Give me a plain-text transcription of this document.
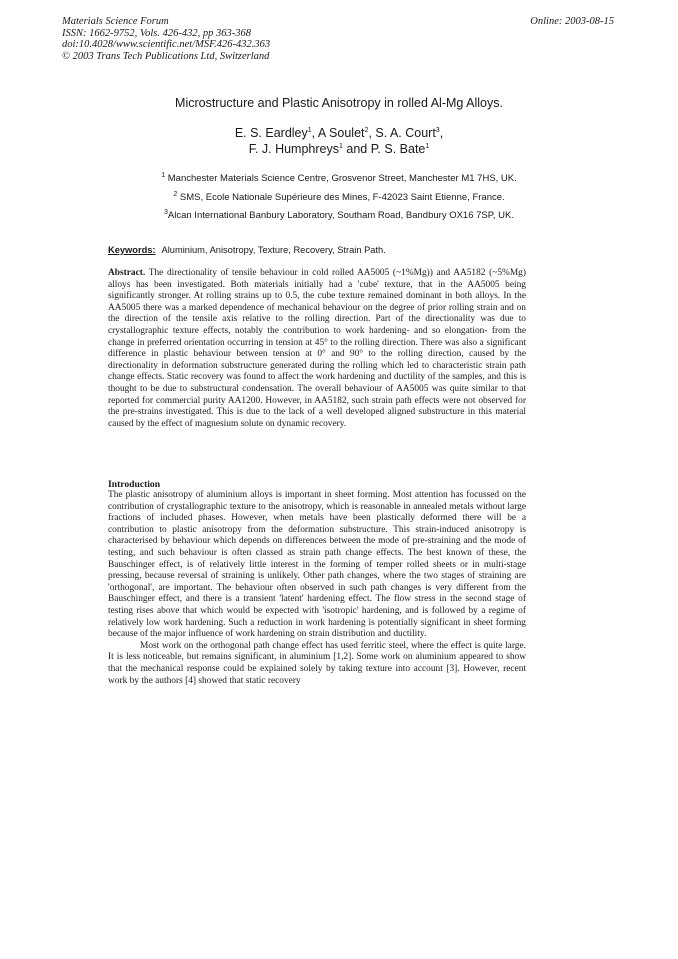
Materials Science Forum
ISSN: 1662-9752, Vols. 426-432, pp 363-368
doi:10.4028/www.scientific.net/MSF.426-432.363
© 2003 Trans Tech Publications Ltd, Switzerland
Online: 2003-08-15
Microstructure and Plastic Anisotropy in rolled Al-Mg Alloys.
E. S. Eardley$^1$, A Soulet$^2$, S. A. Court$^3$,
F. J. Humphreys$^1$ and P. S. Bate$^1$
$^1$ Manchester Materials Science Centre, Grosvenor Street, Manchester M1 7HS, UK.
$^2$ SMS, Ecole Nationale Supérieure des Mines, F-42023 Saint Etienne, France.
$^3$Alcan International Banbury Laboratory, Southam Road, Bandbury OX16 7SP, UK.
Keywords: Aluminium, Anisotropy, Texture, Recovery, Strain Path.
Abstract. The directionality of tensile behaviour in cold rolled AA5005 (~1%Mg)) and AA5182 (~5%Mg) alloys has been investigated. Both materials initially had a 'cube' texture, that in the AA5005 being significantly stronger. At rolling strains up to 0.5, the cube texture remained dominant in both alloys. In the AA5005 there was a marked dependence of mechanical behaviour on the degree of prior rolling strain and on the direction of the tensile axis relative to the rolling direction. Part of the directionality was due to crystallographic texture effects, notably the contribution to work hardening- and so elongation- from the change in preferred orientation occurring in tension at 45° to the rolling direction. There was also a significant difference in plastic behaviour between tension at 0° and 90° to the rolling direction, caused by the directionality in deformation substructure generated during the rolling which led to characteristic strain path change effects. Static recovery was found to affect the work hardening and ductility of the samples, and this is thought to be due to substructural condensation. The overall behaviour of AA5005 was quite similar to that reported for commercial purity AA1200. However, in AA5182, such strain path effects were not observed for the pre-strains investigated. This is due to the lack of a well developed aligned substructure in this material caused by the effect of magnesium solute on dynamic recovery.
Introduction

The plastic anisotropy of aluminium alloys is important in sheet forming. Most attention has focussed on the contribution of crystallographic texture to the anisotropy, which is reasonable in annealed metals without large fractions of included phases. However, when metals have been plastically deformed there will be a contribution to plastic anisotropy from the deformation substructure. This strain-induced anisotropy is characterised by behaviour which depends on differences between the mode of pre-straining and the mode of testing, and such behaviour is often classed as strain path change effects. The best known of these, the Bauschinger effect, is of relatively little interest in the forming of temper rolled sheets or in multi-stage pressing, because reversal of straining is unlikely. Other path changes, where the two stages of straining are 'orthogonal', are important. The behaviour often observed in such path changes is very different from the Bauschinger effect, and there is a transient 'latent' hardening effect. The flow stress in the second stage of testing rises above that which would be expected with 'isotropic' hardening, and is followed by a regime of relatively low work hardening. Such a reduction in work hardening is potentially significant in sheet forming because of the major influence of work hardening on strain distribution and ductility.

Most work on the orthogonal path change effect has used ferritic steel, where the effect is quite large. It is less noticeable, but remains significant, in aluminium [1,2]. Some work on aluminium appeared to show that the mechanical response could be explained solely by taking texture into account [3]. However, recent work by the authors [4] showed that static recovery
